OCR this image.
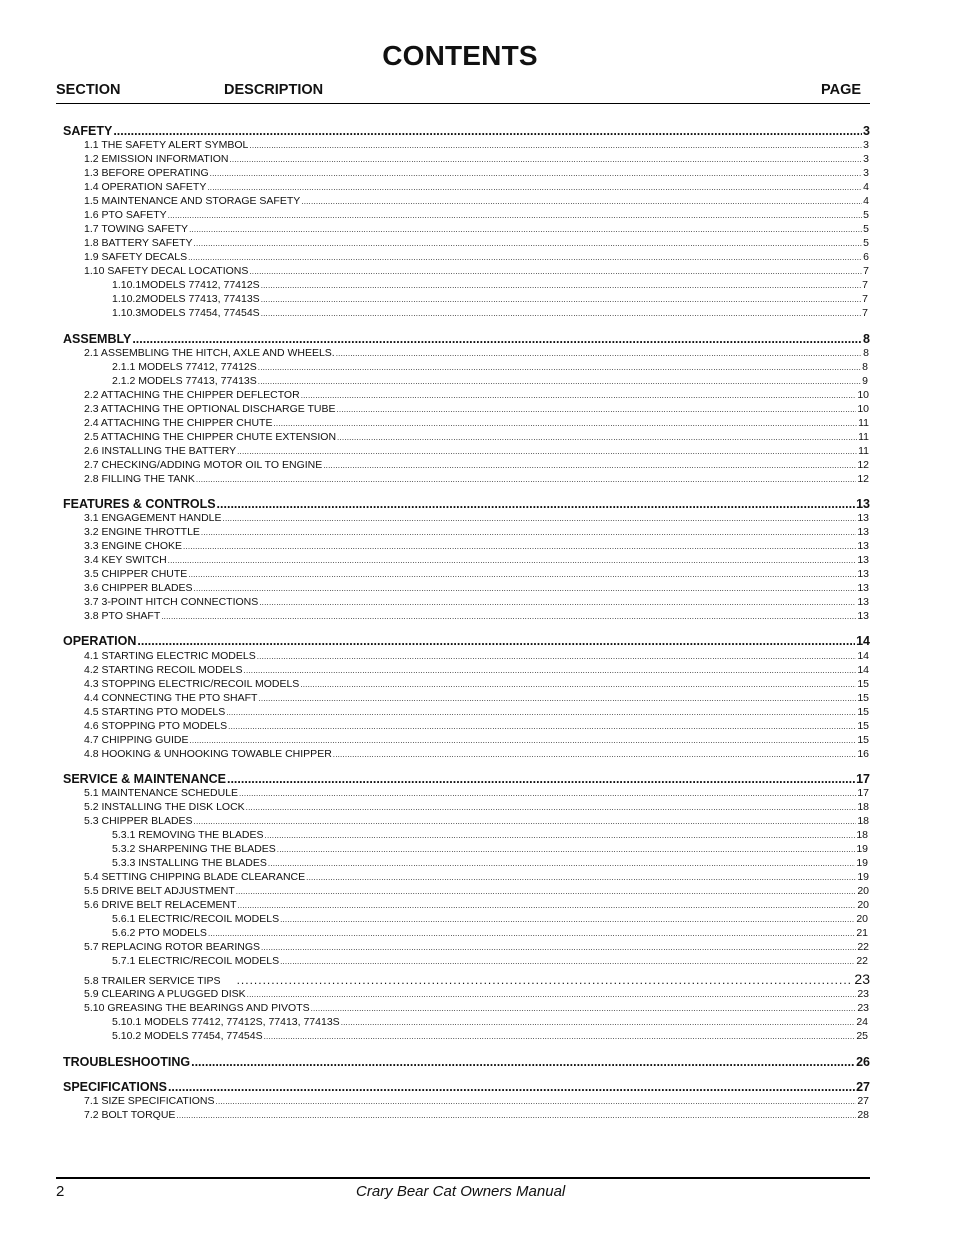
CONTENTS
SECTION	DESCRIPTION	PAGE
SAFETY .....	3
1.1 THE SAFETY ALERT SYMBOL .....	3
1.2 EMISSION INFORMATION .....	3
1.3 BEFORE OPERATING .....	3
1.4 OPERATION SAFETY .....	4
1.5 MAINTENANCE AND STORAGE SAFETY .....	4
1.6 PTO SAFETY .....	5
1.7 TOWING SAFETY .....	5
1.8 BATTERY SAFETY .....	5
1.9 SAFETY DECALS .....	6
1.10 SAFETY DECAL LOCATIONS .....	7
1.10.1MODELS 77412, 77412S .....	7
1.10.2MODELS 77413, 77413S .....	7
1.10.3MODELS 77454, 77454S .....	7
ASSEMBLY .....	8
2.1 ASSEMBLING THE HITCH, AXLE AND WHEELS. .....	8
2.1.1 MODELS 77412, 77412S .....	8
2.1.2 MODELS 77413, 77413S .....	9
2.2 ATTACHING THE CHIPPER DEFLECTOR .....	10
2.3 ATTACHING THE OPTIONAL DISCHARGE TUBE .....	10
2.4 ATTACHING THE CHIPPER CHUTE .....	11
2.5 ATTACHING THE CHIPPER CHUTE EXTENSION .....	11
2.6 INSTALLING THE BATTERY .....	11
2.7 CHECKING/ADDING MOTOR OIL TO ENGINE .....	12
2.8 FILLING THE TANK .....	12
FEATURES & CONTROLS .....	13
3.1 ENGAGEMENT HANDLE .....	13
3.2 ENGINE THROTTLE .....	13
3.3 ENGINE CHOKE .....	13
3.4 KEY SWITCH .....	13
3.5 CHIPPER CHUTE .....	13
3.6 CHIPPER BLADES .....	13
3.7 3-POINT HITCH CONNECTIONS .....	13
3.8 PTO SHAFT .....	13
OPERATION .....	14
4.1 STARTING ELECTRIC MODELS .....	14
4.2 STARTING RECOIL MODELS .....	14
4.3 STOPPING ELECTRIC/RECOIL MODELS .....	15
4.4 CONNECTING THE PTO SHAFT .....	15
4.5 STARTING PTO MODELS .....	15
4.6 STOPPING PTO MODELS .....	15
4.7 CHIPPING GUIDE .....	15
4.8 HOOKING & UNHOOKING TOWABLE CHIPPER .....	16
SERVICE & MAINTENANCE .....	17
5.1 MAINTENANCE SCHEDULE .....	17
5.2 INSTALLING THE DISK LOCK .....	18
5.3 CHIPPER BLADES .....	18
5.3.1 REMOVING THE BLADES .....	18
5.3.2 SHARPENING THE BLADES .....	19
5.3.3 INSTALLING THE BLADES .....	19
5.4 SETTING CHIPPING BLADE CLEARANCE .....	19
5.5 DRIVE BELT ADJUSTMENT .....	20
5.6 DRIVE BELT RELACEMENT .....	20
5.6.1 ELECTRIC/RECOIL MODELS .....	20
5.6.2 PTO MODELS .....	21
5.7 REPLACING ROTOR BEARINGS .....	22
5.7.1 ELECTRIC/RECOIL MODELS .....	22
5.8 TRAILER SERVICE TIPS .....	23
5.9 CLEARING A PLUGGED DISK .....	23
5.10 GREASING THE BEARINGS AND PIVOTS .....	23
5.10.1 MODELS 77412, 77412S, 77413, 77413S .....	24
5.10.2 MODELS 77454, 77454S .....	25
TROUBLESHOOTING .....	26
SPECIFICATIONS .....	27
7.1 SIZE SPECIFICATIONS .....	27
7.2 BOLT TORQUE .....	28
2	Crary Bear Cat Owners Manual
